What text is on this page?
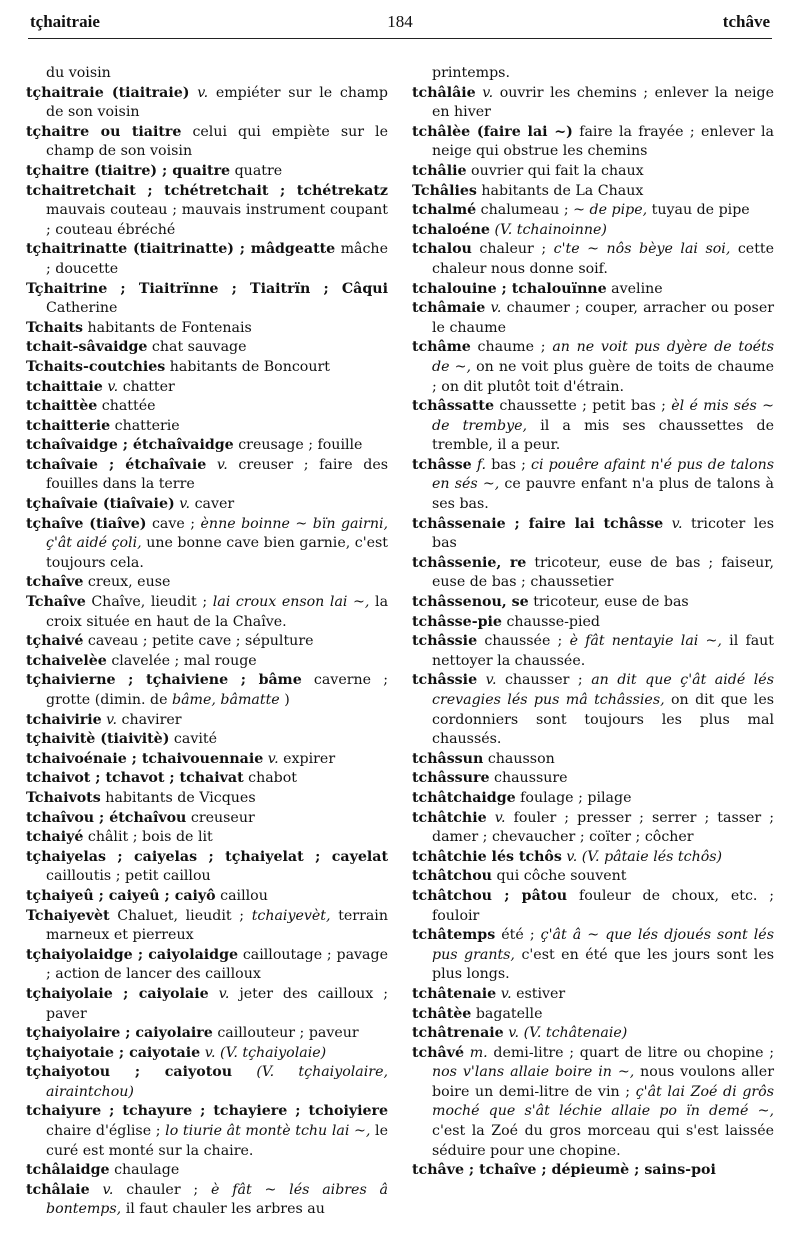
tçhaitraie	184	tchâve

du voisin

tçhaitraie (tiaitraie) v. empiéter sur le champ de son voisin

tçhaitre ou tiaitre celui qui empiète sur le champ de son voisin

tçhaitre (tiaitre) ; quaitre quatre

tchaitretchait ; tchétretchait ; tchétrekatz mauvais couteau ; mauvais instrument coupant ; couteau ébréché

tçhaitrinatte (tiaitrinatte) ; mâdgeatte mâche ; doucette

Tçhaitrine ; Tiaitrïnne ; Tiaitrïn ; Câqui Catherine

Tchaits habitants de Fontenais

tchait-sâvaidge chat sauvage

Tchaits-coutchies habitants de Boncourt

tchaittaie v. chatter

tchaittèe chattée

tchaitterie chatterie

tchaîvaidge ; étchaîvaidge creusage ; fouille

tchaîvaie ; étchaîvaie v. creuser ; faire des fouilles dans la terre

tçhaîvaie (tiaîvaie) v. caver

tçhaîve (tiaîve) cave ; ènne boinne ~ bïn gairni, ç'ât aidé çoli, une bonne cave bien garnie, c'est toujours cela.

tchaîve creux, euse

Tchaîve Chaîve, lieudit ; lai croux enson lai ~, la croix située en haut de la Chaîve.

tçhaivé caveau ; petite cave ; sépulture

tchaivelèe clavelée ; mal rouge

tçhaivierne ; tçhaiviene ; bâme caverne ; grotte (dimin. de bâme, bâmatte )

tchaivirie v. chavirer

tçhaivitè (tiaivitè) cavité

tchaivoénaie ; tchaivouennaie v. expirer

tchaivot ; tchavot ; tchaivat chabot

Tchaivots habitants de Vicques

tchaîvou ; étchaîvou creuseur

tchaiyé châlit ; bois de lit

tçhaiyelas ; caiyelas ; tçhaiyelat ; cayelat cailloutis ; petit caillou

tçhaiyeû ; caiyeû ; caiyô caillou

Tchaiyevèt Chaluet, lieudit ; tchaiyevèt, terrain marneux et pierreux

tçhaiyolaidge ; caiyolaidge cailloutage ; pavage ; action de lancer des cailloux

tçhaiyolaie ; caiyolaie v. jeter des cailloux ; paver

tçhaiyolaire ; caiyolaire caillouteur ; paveur

tçhaiyotaie ; caiyotaie v. (V. tçhaiyolaie)

tçhaiyotou ; caiyotou (V. tçhaiyolaire, airaintchou)

tchaiyure ; tchayure ; tchayiere ; tchoiyiere chaire d'église ; lo tiurie ât montè tchu lai ~, le curé est monté sur la chaire.

tchâlaidge chaulage

tchâlaie v. chauler ; è fât ~ lés aibres â bontemps, il faut chauler les arbres au

printemps.

tchâlâie v. ouvrir les chemins ; enlever la neige en hiver

tchâlèe (faire lai ~) faire la frayée ; enlever la neige qui obstrue les chemins

tchâlie ouvrier qui fait la chaux

Tchâlies habitants de La Chaux

tchalmé chalumeau ; ~ de pipe, tuyau de pipe

tchaloéne (V. tchainoinne)

tchalou chaleur ; c'te ~ nôs bèye lai soi, cette chaleur nous donne soif.

tchalouine ; tchalouïnne aveline

tchâmaie v. chaumer ; couper, arracher ou poser le chaume

tchâme chaume ; an ne voit pus dyère de toéts de ~, on ne voit plus guère de toits de chaume ; on dit plutôt toit d'étrain.

tchâssatte chaussette ; petit bas ; èl é mis sés ~ de trembye, il a mis ses chaussettes de tremble, il a peur.

tchâsse f. bas ; ci pouêre afaint n'é pus de talons en sés ~, ce pauvre enfant n'a plus de talons à ses bas.

tchâssenaie ; faire lai tchâsse v. tricoter les bas

tchâssenie, re tricoteur, euse de bas ; faiseur, euse de bas ; chaussetier

tchâssenou, se tricoteur, euse de bas

tchâsse-pie chausse-pied

tchâssie chaussée ; è fât nentayie lai ~, il faut nettoyer la chaussée.

tchâssie v. chausser ; an dit que ç'ât aidé lés crevagies lés pus mâ tchâssies, on dit que les cordonniers sont toujours les plus mal chaussés.

tchâssun chausson

tchâssure chaussure

tchâtchaidge foulage ; pilage

tchâtchie v. fouler ; presser ; serrer ; tasser ; damer ; chevaucher ; coïter ; côcher

tchâtchie lés tchôs v. (V. pâtaie lés tchôs)

tchâtchou qui côche souvent

tchâtchou ; pâtou fouleur de choux, etc. ; fouloir

tchâtemps été ; ç'ât â ~ que lés djoués sont lés pus grants, c'est en été que les jours sont les plus longs.

tchâtenaie v. estiver

tchâtèe bagatelle

tchâtrenaie v. (V. tchâtenaie)

tchâvé m. demi-litre ; quart de litre ou chopine ; nos v'lans allaie boire in ~, nous voulons aller boire un demi-litre de vin ; ç'ât lai Zoé di grôs moché que s'ât léchie allaie po ïn demé ~, c'est la Zoé du gros morceau qui s'est laissée séduire pour une chopine.

tchâve ; tchaîve ; dépieumè ; sains-poi
